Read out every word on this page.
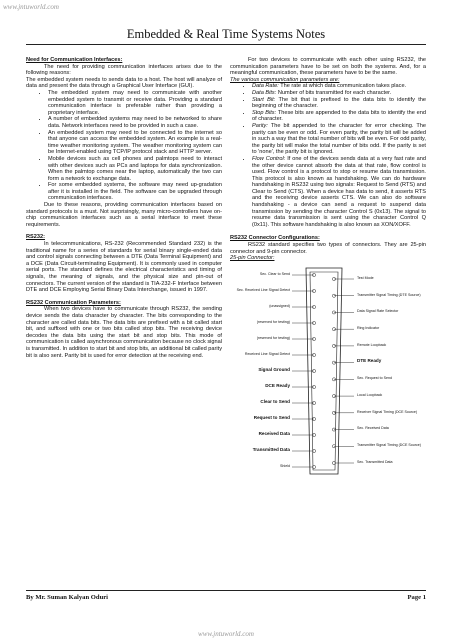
www.jntuworld.com
Embedded & Real Time Systems Notes

Need for Communication Interfaces:

The need for providing communication interfaces arises due to the following reasons:

The embedded system needs to sends data to a host. The host will analyze of data and present the data through a Graphical User Interface (GUI).

• The embedded system may need to communicate with another embedded system to transmit or receive data. Providing a standard communication interface is preferable rather than providing a proprietary interface.
• A number of embedded systems may need to be networked to share data. Network interfaces need to be provided in such a case.
• An embedded system may need to be connected to the internet so that anyone can access the embedded system. An example is a real-time weather monitoring system. The weather monitoring system can be Internet-enabled using TCP/IP protocol stack and HTTP server.
• Mobile devices such as cell phones and palmtops need to interact with other devices such as PCs and laptops for data synchronization. When the palmtop comes near the laptop, automatically the two can form a network to exchange data.
• For some embedded systems, the software may need up-gradation after it is installed in the field. The software can be upgraded through communication interfaces.

Due to these reasons, providing communication interfaces based on standard protocols is a must. Not surprisingly, many micro-controllers have on-chip communication interfaces such as a serial interface to meet these requirements.

RS232:

In telecommunications, RS-232 (Recommended Standard 232) is the traditional name for a series of standards for serial binary single-ended data and control signals connecting between a DTE (Data Terminal Equipment) and a DCE (Data Circuit-terminating Equipment). It is commonly used in computer serial ports. The standard defines the electrical characteristics and timing of signals, the meaning of signals, and the physical size and pin-out of connectors. The current version of the standard is TIA-232-F Interface between DTE and DCE Employing Serial Binary Data Interchange, issued in 1997.

RS232 Communication Parameters:

When two devices have to communicate through RS232, the sending device sends the data character by character. The bits corresponding to the character are called data bits. The data bits are prefixed with a bit called start bit, and suffixed with one or two bits called stop bits. The receiving device decodes the data bits using the start bit and stop bits. This mode of communication is called asynchronous communication because no clock signal is transmitted. In addition to start bit and stop bits, an additional bit called parity bit is also sent. Parity bit is used for error detection at the receiving end.

For two devices to communicate with each other using RS232, the communication parameters have to be set on both the systems. And, for a meaningful communication, these parameters have to be the same.

The various communication parameters are:

• Data Rate: The rate at which data communication takes place.
• Data Bits: Number of bits transmitted for each character.
• Start Bit: The bit that is prefixed to the data bits to identify the beginning of the character.
• Stop Bits: These bits are appended to the data bits to identify the end of character.
• Parity: The bit appended to the character for error checking. The parity can be even or odd. For even parity, the parity bit will be added in such a way that the total number of bits will be even. For odd parity, the parity bit will make the total number of bits odd. If the parity is set to 'none', the parity bit is ignored.
• Flow Control: If one of the devices sends data at a very fast rate and the other device cannot absorb the data at that rate, flow control is used. Flow control is a protocol to stop or resume data transmission. This protocol is also known as handshaking. We can do hardware handshaking in RS232 using two signals: Request to Send (RTS) and Clear to Send (CTS). When a device has data to send, it asserts RTS and the receiving device asserts CTS. We can also do software handshaking - a device can send a request to suspend data transmission by sending the character Control S (0x13). The signal to resume data transmission is sent using the character Control Q (0x11). This software handshaking is also known as XON/XOFF.

RS232 Connector Configurations:

RS232 standard specifies two types of connectors. They are 25-pin connector and 9-pin connector.

25-pin Connector:

Sec. Clear to Send
Sec. Received Line Signal Detect
(unassigned)
(reserved for testing)
(reserved for testing)
Received Line Signal Detect
Signal Ground
DCE Ready
Clear to Send
Request to Send
Received Data
Transmitted Data
Shield
Test Mode
Transmitter Signal Timing (DTE Source)
Data Signal Rate Selector
Ring Indicator
Remote Loopback
DTE Ready
Sec. Request to Send
Local Loopback
Receiver Signal Timing (DCE Source)
Sec. Received Data
Transmitter Signal Timing (DCE Source)
Sec. Transmitted Data
By Mr. Suman Kalyan Oduri	Page 1
www.jntuworld.com
